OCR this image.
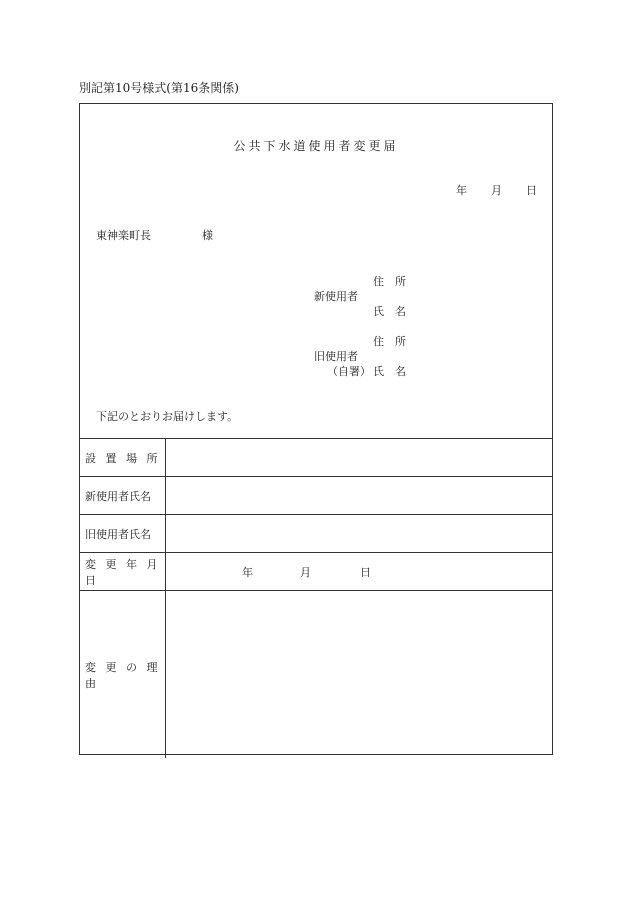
別記第10号様式(第16条関係)
公共下水道使用者変更届
年 月 日
東神楽町長	様
住　所
新使用者
氏　名
住　所
旧使用者
（自署） 氏　名
下記のとおりお届けします。
設 置 場 所
新使用者氏名
旧使用者氏名
変 更 年 月 日
年	月	日
変 更 の 理 由
